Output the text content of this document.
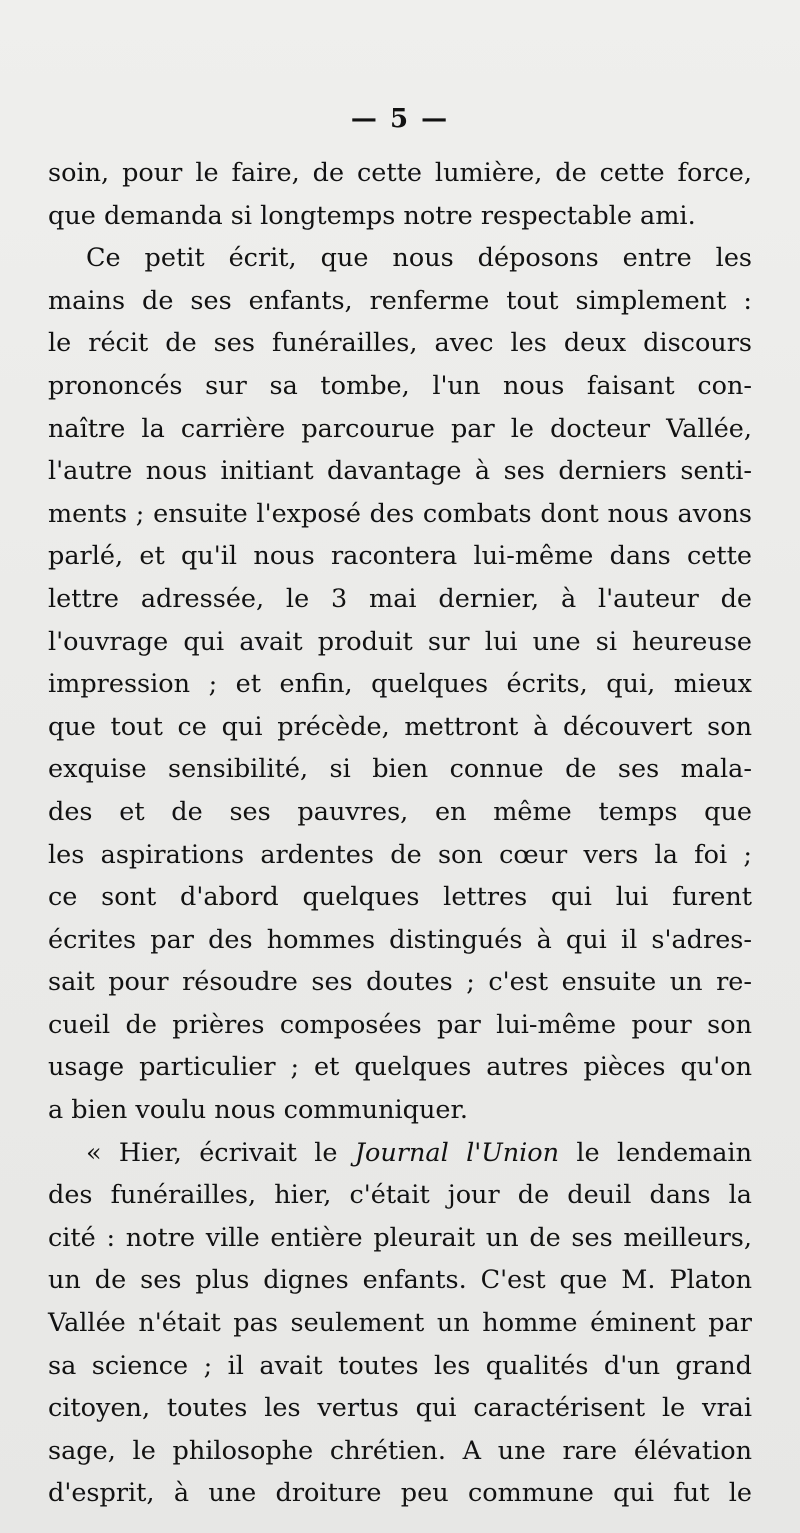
— 5 —
soin, pour le faire, de cette lumière, de cette force,
que demanda si longtemps notre respectable ami.
Ce petit écrit, que nous déposons entre les
mains de ses enfants, renferme tout simplement :
le récit de ses funérailles, avec les deux discours
prononcés sur sa tombe, l'un nous faisant con-
naître la carrière parcourue par le docteur Vallée,
l'autre nous initiant davantage à ses derniers senti-
ments ; ensuite l'exposé des combats dont nous avons
parlé, et qu'il nous racontera lui-même dans cette
lettre adressée, le 3 mai dernier, à l'auteur de
l'ouvrage qui avait produit sur lui une si heureuse
impression ; et enfin, quelques écrits, qui, mieux
que tout ce qui précède, mettront à découvert son
exquise sensibilité, si bien connue de ses mala-
des et de ses pauvres, en même temps que
les aspirations ardentes de son cœur vers la foi ;
ce sont d'abord quelques lettres qui lui furent
écrites par des hommes distingués à qui il s'adres-
sait pour résoudre ses doutes ; c'est ensuite un re-
cueil de prières composées par lui-même pour son
usage particulier ; et quelques autres pièces qu'on
a bien voulu nous communiquer.
« Hier, écrivait le Journal l'Union le lendemain
des funérailles, hier, c'était jour de deuil dans la
cité : notre ville entière pleurait un de ses meilleurs,
un de ses plus dignes enfants. C'est que M. Platon
Vallée n'était pas seulement un homme éminent par
sa science ; il avait toutes les qualités d'un grand
citoyen, toutes les vertus qui caractérisent le vrai
sage, le philosophe chrétien. A une rare élévation
d'esprit, à une droiture peu commune qui fut le
